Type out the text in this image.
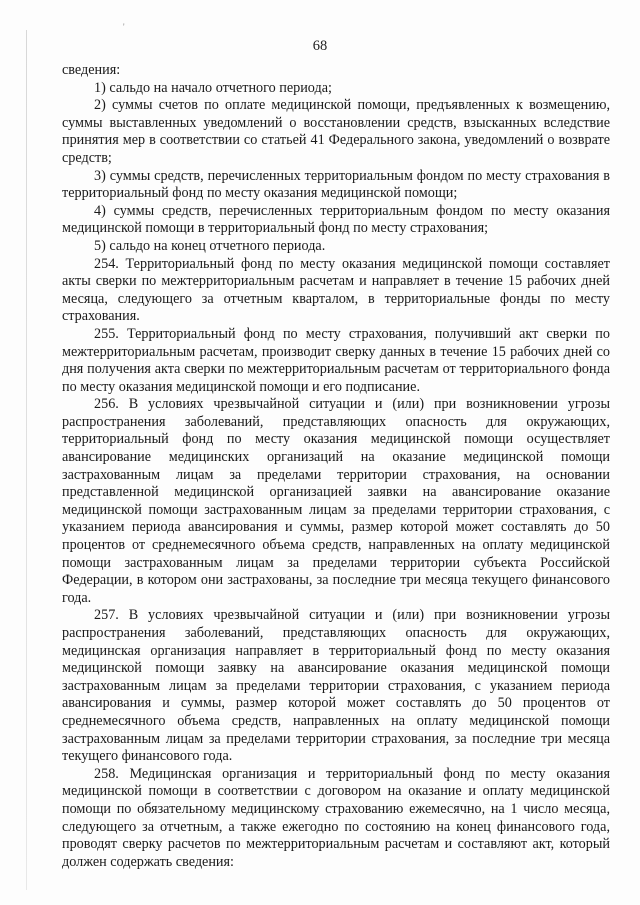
'
68

сведения:

1) сальдо на начало отчетного периода;

2) суммы счетов по оплате медицинской помощи, предъявленных к возмещению, суммы выставленных уведомлений о восстановлении средств, взысканных вследствие принятия мер в соответствии со статьей 41 Федерального закона, уведомлений о возврате средств;

3) суммы средств, перечисленных территориальным фондом по месту страхования в территориальный фонд по месту оказания медицинской помощи;

4) суммы средств, перечисленных территориальным фондом по месту оказания медицинской помощи в территориальный фонд по месту страхования;

5) сальдо на конец отчетного периода.

254. Территориальный фонд по месту оказания медицинской помощи составляет акты сверки по межтерриториальным расчетам и направляет в течение 15 рабочих дней месяца, следующего за отчетным кварталом, в территориальные фонды по месту страхования.

255. Территориальный фонд по месту страхования, получивший акт сверки по межтерриториальным расчетам, производит сверку данных в течение 15 рабочих дней со дня получения акта сверки по межтерриториальным расчетам от территориального фонда по месту оказания медицинской помощи и его подписание.

256. В условиях чрезвычайной ситуации и (или) при возникновении угрозы распространения заболеваний, представляющих опасность для окружающих, территориальный фонд по месту оказания медицинской помощи осуществляет авансирование медицинских организаций на оказание медицинской помощи застрахованным лицам за пределами территории страхования, на основании представленной медицинской организацией заявки на авансирование оказание медицинской помощи застрахованным лицам за пределами территории страхования, с указанием периода авансирования и суммы, размер которой может составлять до 50 процентов от среднемесячного объема средств, направленных на оплату медицинской помощи застрахованным лицам за пределами территории субъекта Российской Федерации, в котором они застрахованы, за последние три месяца текущего финансового года.

257. В условиях чрезвычайной ситуации и (или) при возникновении угрозы распространения заболеваний, представляющих опасность для окружающих, медицинская организация направляет в территориальный фонд по месту оказания медицинской помощи заявку на авансирование оказания медицинской помощи застрахованным лицам за пределами территории страхования, с указанием периода авансирования и суммы, размер которой может составлять до 50 процентов от среднемесячного объема средств, направленных на оплату медицинской помощи застрахованным лицам за пределами территории страхования, за последние три месяца текущего финансового года.

258. Медицинская организация и территориальный фонд по месту оказания медицинской помощи в соответствии с договором на оказание и оплату медицинской помощи по обязательному медицинскому страхованию ежемесячно, на 1 число месяца, следующего за отчетным, а также ежегодно по состоянию на конец финансового года, проводят сверку расчетов по межтерриториальным расчетам и составляют акт, который должен содержать сведения:
